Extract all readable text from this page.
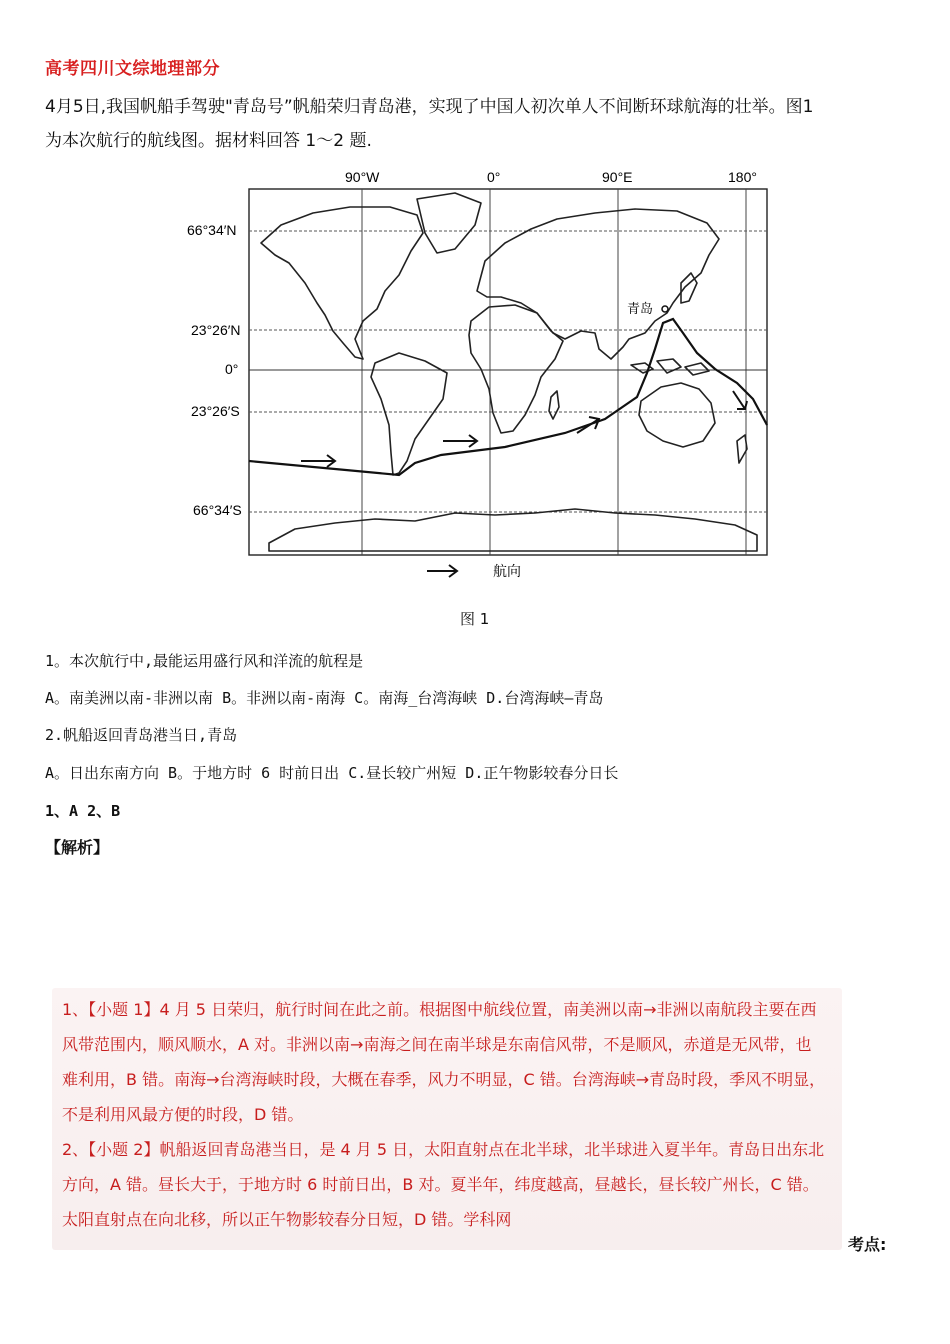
高考四川文综地理部分
4月5日,我国帆船手驾驶"青岛号”帆船荣归青岛港，实现了中国人初次单人不间断环球航海的壮举。图1
为本次航行的航线图。据材料回答 1～2 题.
90°W	0°	90°E	180°
66°34′N
23°26′N
0°
23°26′S
66°34′S
青岛
航向
图 1
1。本次航行中,最能运用盛行风和洋流的航程是
A。南美洲以南-非洲以南 B。非洲以南-南海 C。南海_台湾海峡 D.台湾海峡—青岛
2.帆船返回青岛港当日,青岛
A。日出东南方向 B。于地方时 6 时前日出 C.昼长较广州短 D.正午物影较春分日长
1、A 2、B
【解析】
1、【小题 1】4 月 5 日荣归，航行时间在此之前。根据图中航线位置，南美洲以南→非洲以南航段主要在西
风带范围内，顺风顺水，A 对。非洲以南→南海之间在南半球是东南信风带，不是顺风，赤道是无风带，也
难利用，B 错。南海→台湾海峡时段，大概在春季，风力不明显，C 错。台湾海峡→青岛时段，季风不明显，
不是利用风最方便的时段，D 错。
2、【小题 2】帆船返回青岛港当日，是 4 月 5 日，太阳直射点在北半球，北半球进入夏半年。青岛日出东北
方向，A 错。昼长大于，于地方时 6 时前日出，B 对。夏半年，纬度越高，昼越长，昼长较广州长，C 错。
太阳直射点在向北移，所以正午物影较春分日短，D 错。学科网
考点:
